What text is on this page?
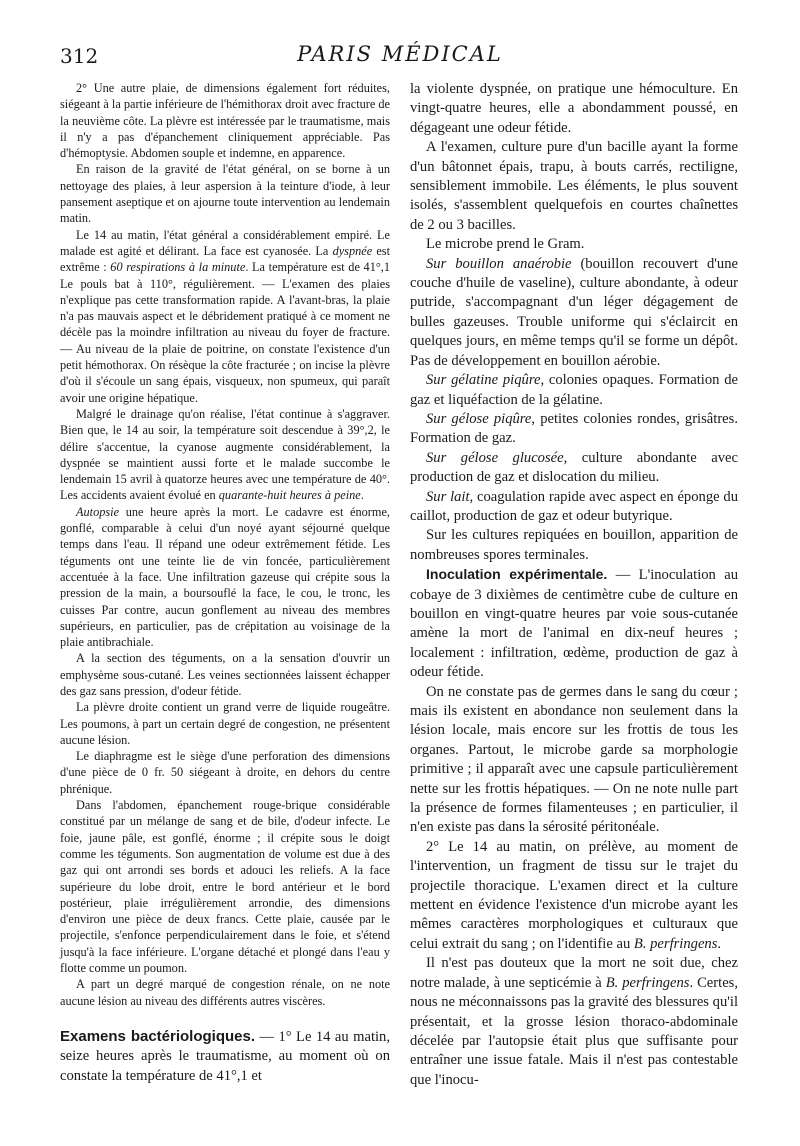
312	PARIS MÉDICAL

2° Une autre plaie, de dimensions également fort réduites, siégeant à la partie inférieure de l'hémithorax droit avec fracture de la neuvième côte. La plèvre est intéressée par le traumatisme, mais il n'y a pas d'épanchement cliniquement appréciable. Pas d'hémoptysie. Abdomen souple et indemne, en apparence.

En raison de la gravité de l'état général, on se borne à un nettoyage des plaies, à leur aspersion à la teinture d'iode, à leur pansement aseptique et on ajourne toute intervention au lendemain matin.

Le 14 au matin, l'état général a considérablement empiré. Le malade est agité et délirant. La face est cyanosée. La dyspnée est extrême : 60 respirations à la minute. La température est de 41°,1 Le pouls bat à 110°, régulièrement. — L'examen des plaies n'explique pas cette transformation rapide. A l'avant-bras, la plaie n'a pas mauvais aspect et le débridement pratiqué à ce moment ne décèle pas la moindre infiltration au niveau du foyer de fracture. — Au niveau de la plaie de poitrine, on constate l'existence d'un petit hémothorax. On résèque la côte fracturée ; on incise la plèvre d'où il s'écoule un sang épais, visqueux, non spumeux, qui paraît avoir une origine hépatique.

Malgré le drainage qu'on réalise, l'état continue à s'aggraver. Bien que, le 14 au soir, la température soit descendue à 39°,2, le délire s'accentue, la cyanose augmente considérablement, la dyspnée se maintient aussi forte et le malade succombe le lendemain 15 avril à quatorze heures avec une température de 40°. Les accidents avaient évolué en quarante-huit heures à peine.

Autopsie une heure après la mort. Le cadavre est énorme, gonflé, comparable à celui d'un noyé ayant séjourné quelque temps dans l'eau. Il répand une odeur extrêmement fétide. Les téguments ont une teinte lie de vin foncée, particulièrement accentuée à la face. Une infiltration gazeuse qui crépite sous la pression de la main, a boursouflé la face, le cou, le tronc, les cuisses Par contre, aucun gonflement au niveau des membres supérieurs, en particulier, pas de crépitation au voisinage de la plaie antibrachiale.

A la section des téguments, on a la sensation d'ouvrir un emphysème sous-cutané. Les veines sectionnées laissent échapper des gaz sans pression, d'odeur fétide.

La plèvre droite contient un grand verre de liquide rougeâtre. Les poumons, à part un certain degré de congestion, ne présentent aucune lésion.

Le diaphragme est le siège d'une perforation des dimensions d'une pièce de 0 fr. 50 siégeant à droite, en dehors du centre phrénique.

Dans l'abdomen, épanchement rouge-brique considérable constitué par un mélange de sang et de bile, d'odeur infecte. Le foie, jaune pâle, est gonflé, énorme ; il crépite sous le doigt comme les téguments. Son augmentation de volume est due à des gaz qui ont arrondi ses bords et adouci les reliefs. A la face supérieure du lobe droit, entre le bord antérieur et le bord postérieur, plaie irrégulièrement arrondie, des dimensions d'environ une pièce de deux francs. Cette plaie, causée par le projectile, s'enfonce perpendiculairement dans le foie, et s'étend jusqu'à la face inférieure. L'organe détaché et plongé dans l'eau y flotte comme un poumon.

A part un degré marqué de congestion rénale, on ne note aucune lésion au niveau des différents autres viscères.

Examens bactériologiques. — 1° Le 14 au matin, seize heures après le traumatisme, au moment où on constate la température de 41°,1 et

la violente dyspnée, on pratique une hémoculture. En vingt-quatre heures, elle a abondamment poussé, en dégageant une odeur fétide.

A l'examen, culture pure d'un bacille ayant la forme d'un bâtonnet épais, trapu, à bouts carrés, rectiligne, sensiblement immobile. Les éléments, le plus souvent isolés, s'assemblent quelquefois en courtes chaînettes de 2 ou 3 bacilles.

Le microbe prend le Gram.

Sur bouillon anaérobie (bouillon recouvert d'une couche d'huile de vaseline), culture abondante, à odeur putride, s'accompagnant d'un léger dégagement de bulles gazeuses. Trouble uniforme qui s'éclaircit en quelques jours, en même temps qu'il se forme un dépôt. Pas de développement en bouillon aérobie.

Sur gélatine piqûre, colonies opaques. Formation de gaz et liquéfaction de la gélatine.

Sur gélose piqûre, petites colonies rondes, grisâtres. Formation de gaz.

Sur gélose glucosée, culture abondante avec production de gaz et dislocation du milieu.

Sur lait, coagulation rapide avec aspect en éponge du caillot, production de gaz et odeur butyrique.

Sur les cultures repiquées en bouillon, apparition de nombreuses spores terminales.

Inoculation expérimentale. — L'inoculation au cobaye de 3 dixièmes de centimètre cube de culture en bouillon en vingt-quatre heures par voie sous-cutanée amène la mort de l'animal en dix-neuf heures ; localement : infiltration, œdème, production de gaz à odeur fétide.

On ne constate pas de germes dans le sang du cœur ; mais ils existent en abondance non seulement dans la lésion locale, mais encore sur les frottis de tous les organes. Partout, le microbe garde sa morphologie primitive ; il apparaît avec une capsule particulièrement nette sur les frottis hépatiques. — On ne note nulle part la présence de formes filamenteuses ; en particulier, il n'en existe pas dans la sérosité péritonéale.

2° Le 14 au matin, on prélève, au moment de l'intervention, un fragment de tissu sur le trajet du projectile thoracique. L'examen direct et la culture mettent en évidence l'existence d'un microbe ayant les mêmes caractères morphologiques et culturaux que celui extrait du sang ; on l'identifie au B. perfringens.

Il n'est pas douteux que la mort ne soit due, chez notre malade, à une septicémie à B. perfringens. Certes, nous ne méconnaissons pas la gravité des blessures qu'il présentait, et la grosse lésion thoraco-abdominale décelée par l'autopsie était plus que suffisante pour entraîner une issue fatale. Mais il n'est pas contestable que l'inocu-
